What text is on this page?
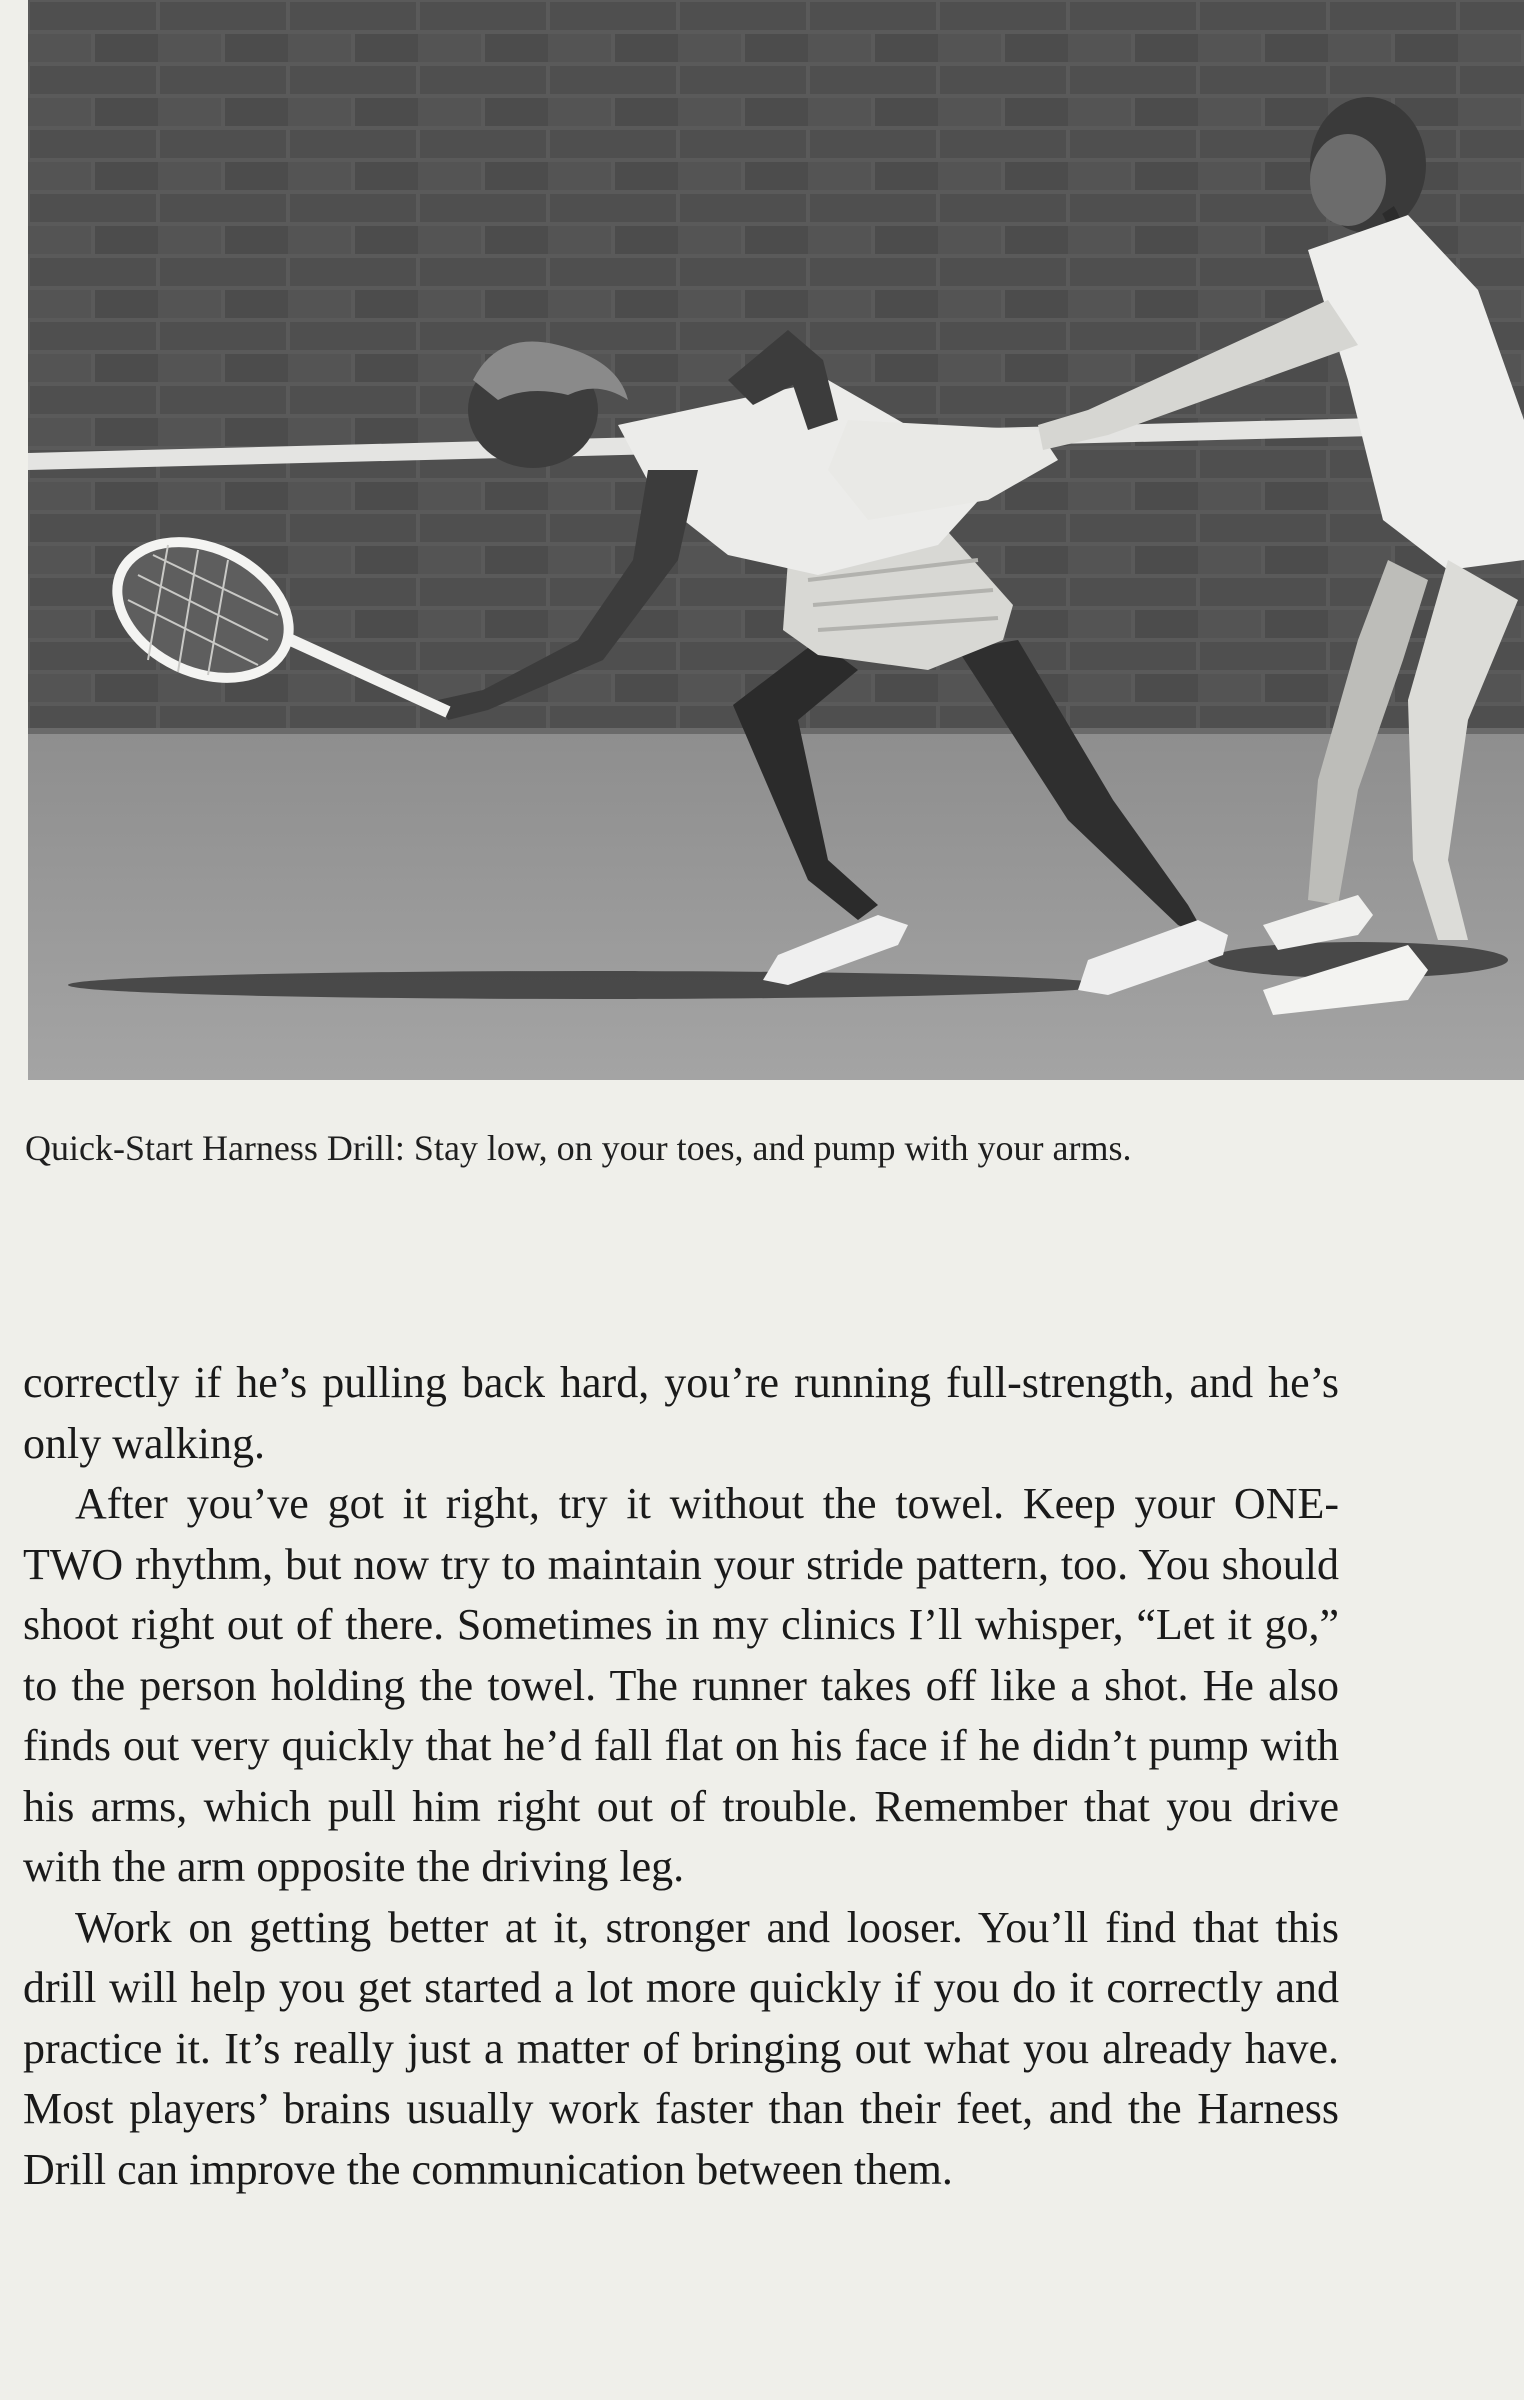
Quick-Start Harness Drill: Stay low, on your toes, and pump with your arms.

correctly if he’s pulling back hard, you’re running full-strength, and he’s only walking.

After you’ve got it right, try it without the towel. Keep your ONE-TWO rhythm, but now try to maintain your stride pattern, too. You should shoot right out of there. Sometimes in my clinics I’ll whisper, “Let it go,” to the person holding the towel. The runner takes off like a shot. He also finds out very quickly that he’d fall flat on his face if he didn’t pump with his arms, which pull him right out of trouble. Remember that you drive with the arm opposite the driving leg.

Work on getting better at it, stronger and looser. You’ll find that this drill will help you get started a lot more quickly if you do it correctly and practice it. It’s really just a matter of bringing out what you already have. Most players’ brains usually work faster than their feet, and the Harness Drill can improve the communication between them.
